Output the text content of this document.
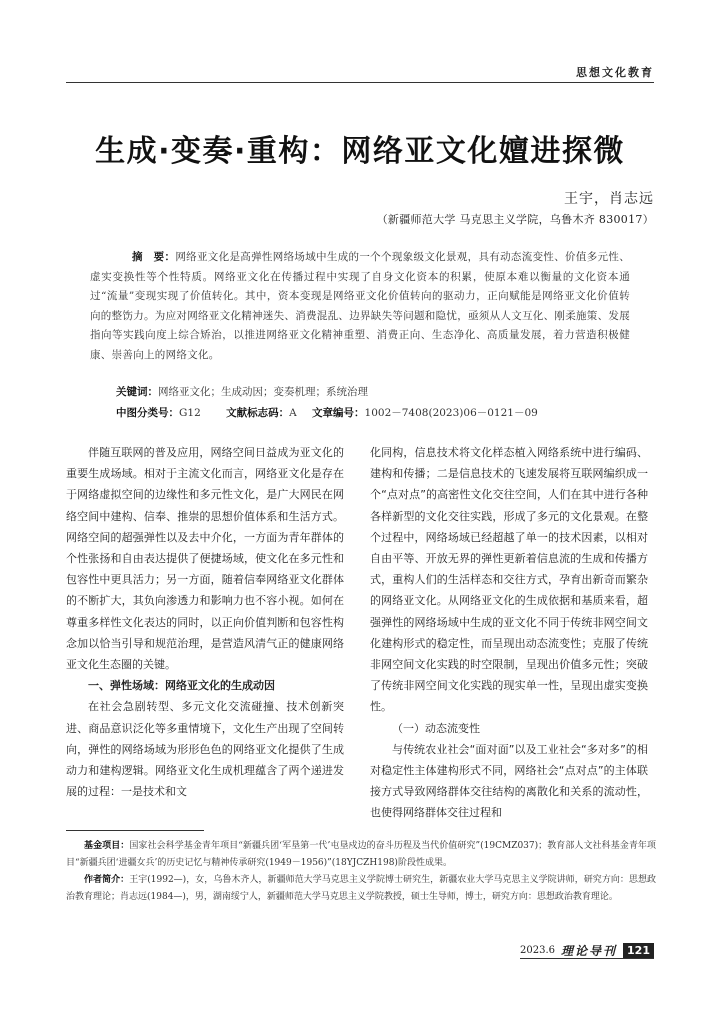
思想文化教育
生成·变奏·重构：网络亚文化嬗进探微
王宇，肖志远
（新疆师范大学 马克思主义学院，乌鲁木齐 830017）
摘　要：网络亚文化是高弹性网络场域中生成的一个个现象级文化景观，具有动态流变性、价值多元性、虚实变换性等个性特质。网络亚文化在传播过程中实现了自身文化资本的积累，使原本难以衡量的文化资本通过“流量”变现实现了价值转化。其中，资本变现是网络亚文化价值转向的驱动力，正向赋能是网络亚文化价值转向的整饬力。为应对网络亚文化精神迷失、消费混乱、边界缺失等问题和隐忧，亟须从人文互化、刚柔施策、发展指向等实践向度上综合矫治，以推进网络亚文化精神重塑、消费正向、生态净化、高质量发展，着力营造积极健康、崇善向上的网络文化。
关键词：网络亚文化；生成动因；变奏机理；系统治理
中图分类号：G12 文献标志码：A 文章编号：1002－7408(2023)06－0121－09

伴随互联网的普及应用，网络空间日益成为亚文化的重要生成场域。相对于主流文化而言，网络亚文化是存在于网络虚拟空间的边缘性和多元性文化，是广大网民在网络空间中建构、信奉、推崇的思想价值体系和生活方式。网络空间的超强弹性以及去中介化，一方面为青年群体的个性张扬和自由表达提供了便捷场域，使文化在多元性和包容性中更具活力；另一方面，随着信奉网络亚文化群体的不断扩大，其负向渗透力和影响力也不容小视。如何在尊重多样性文化表达的同时，以正向价值判断和包容性构念加以恰当引导和规范治理，是营造风清气正的健康网络亚文化生态圈的关键。

一、弹性场域：网络亚文化的生成动因

在社会急剧转型、多元文化交流碰撞、技术创新突进、商品意识泛化等多重情境下，文化生产出现了空间转向，弹性的网络场域为形形色色的网络亚文化提供了生成动力和建构逻辑。网络亚文化生成机理蕴含了两个递进发展的过程：一是技术和文

化同构，信息技术将文化样态植入网络系统中进行编码、建构和传播；二是信息技术的飞速发展将互联网编织成一个“点对点”的高密性文化交往空间，人们在其中进行各种各样新型的文化交往实践，形成了多元的文化景观。在整个过程中，网络场域已经超越了单一的技术因素，以相对自由平等、开放无界的弹性更新着信息流的生成和传播方式，重构人们的生活样态和交往方式，孕育出新奇而繁杂的网络亚文化。从网络亚文化的生成依据和基质来看，超强弹性的网络场域中生成的亚文化不同于传统非网空间文化建构形式的稳定性，而呈现出动态流变性；克服了传统非网空间文化实践的时空限制，呈现出价值多元性；突破了传统非网空间文化实践的现实单一性，呈现出虚实变换性。

（一）动态流变性

与传统农业社会“面对面”以及工业社会“多对多”的相对稳定性主体建构形式不同，网络社会“点对点”的主体联接方式导致网络群体交往结构的离散化和关系的流动性，也使得网络群体交往过程和

基金项目：国家社会科学基金青年项目“新疆兵团‘军垦第一代’屯垦戍边的奋斗历程及当代价值研究”(19CMZ037)；教育部人文社科基金青年项目“新疆兵团‘进疆女兵’的历史记忆与精神传承研究(1949－1956)”(18YJCZH198)阶段性成果。

作者简介：王宇(1992—)，女，乌鲁木齐人，新疆师范大学马克思主义学院博士研究生，新疆农业大学马克思主义学院讲师，研究方向：思想政治教育理论；肖志远(1984—)，男，湖南绥宁人，新疆师范大学马克思主义学院教授，硕士生导师，博士，研究方向：思想政治教育理论。

2023.6 理论导刊 121
